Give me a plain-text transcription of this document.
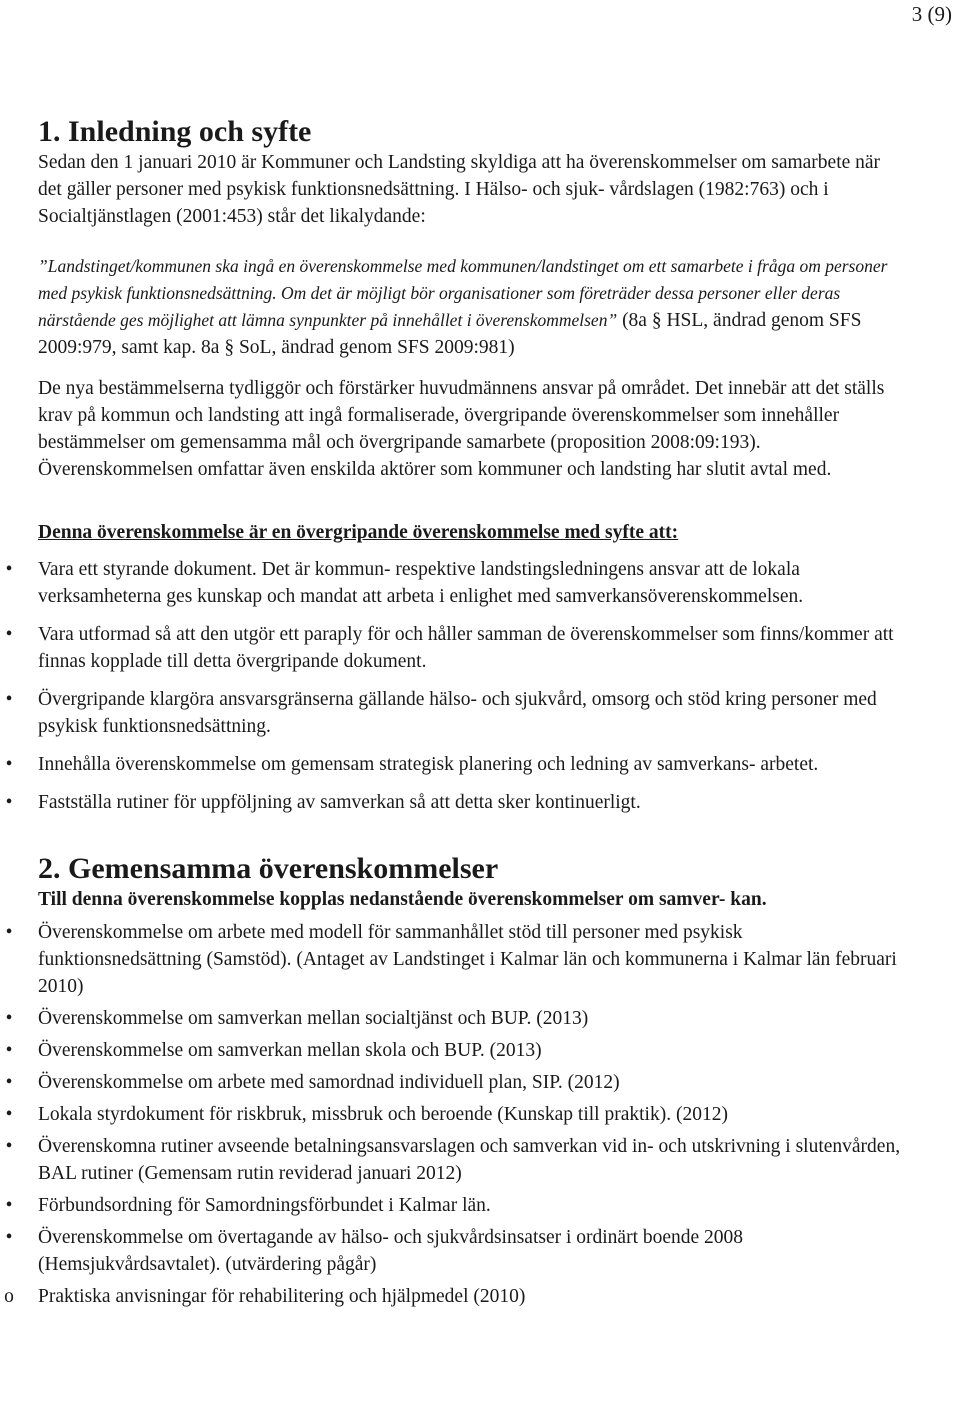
3 (9)
1. Inledning och syfte

Sedan den 1 januari 2010 är Kommuner och Landsting skyldiga att ha överenskommelser om samarbete när det gäller personer med psykisk funktionsnedsättning. I Hälso- och sjuk- vårdslagen (1982:763) och i Socialtjänstlagen (2001:453) står det likalydande:

”Landstinget/kommunen ska ingå en överenskommelse med kommunen/landstinget om ett samarbete i fråga om personer med psykisk funktionsnedsättning. Om det är möjligt bör organisationer som företräder dessa personer eller deras närstående ges möjlighet att lämna synpunkter på innehållet i överenskommelsen” (8a § HSL, ändrad genom SFS 2009:979, samt kap. 8a § SoL, ändrad genom SFS 2009:981)

De nya bestämmelserna tydliggör och förstärker huvudmännens ansvar på området. Det innebär att det ställs krav på kommun och landsting att ingå formaliserade, övergripande överenskommelser som innehåller bestämmelser om gemensamma mål och övergripande samarbete (proposition 2008:09:193). Överenskommelsen omfattar även enskilda aktörer som kommuner och landsting har slutit avtal med.

Denna överenskommelse är en övergripande överenskommelse med syfte att:

• Vara ett styrande dokument. Det är kommun- respektive landstingsledningens ansvar att de lokala verksamheterna ges kunskap och mandat att arbeta i enlighet med samverkansöverenskommelsen.
• Vara utformad så att den utgör ett paraply för och håller samman de överenskommelser som finns/kommer att finnas kopplade till detta övergripande dokument.
• Övergripande klargöra ansvarsgränserna gällande hälso- och sjukvård, omsorg och stöd kring personer med psykisk funktionsnedsättning.
• Innehålla överenskommelse om gemensam strategisk planering och ledning av samverkans- arbetet.
• Fastställa rutiner för uppföljning av samverkan så att detta sker kontinuerligt.
2. Gemensamma överenskommelser

Till denna överenskommelse kopplas nedanstående överenskommelser om samver- kan.

• Överenskommelse om arbete med modell för sammanhållet stöd till personer med psykisk funktionsnedsättning (Samstöd). (Antaget av Landstinget i Kalmar län och kommunerna i Kalmar län februari 2010)
• Överenskommelse om samverkan mellan socialtjänst och BUP. (2013)
• Överenskommelse om samverkan mellan skola och BUP. (2013)
• Överenskommelse om arbete med samordnad individuell plan, SIP. (2012)
• Lokala styrdokument för riskbruk, missbruk och beroende (Kunskap till praktik). (2012)
• Överenskomna rutiner avseende betalningsansvarslagen och samverkan vid in- och utskrivning i slutenvården, BAL rutiner (Gemensam rutin reviderad januari 2012)
• Förbundsordning för Samordningsförbundet i Kalmar län.
• Överenskommelse om övertagande av hälso- och sjukvårdsinsatser i ordinärt boende 2008 (Hemsjukvårdsavtalet). (utvärdering pågår)
o Praktiska anvisningar för rehabilitering och hjälpmedel (2010)
